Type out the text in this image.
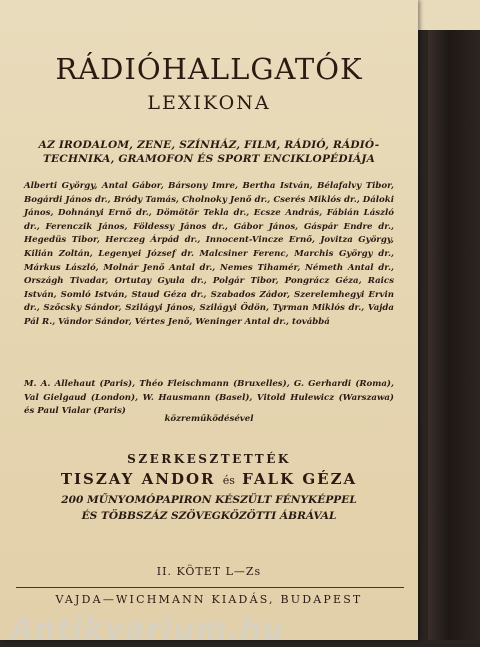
RÁDIÓHALLGATÓK
LEXIKONA
AZ IRODALOM, ZENE, SZÍNHÁZ, FILM, RÁDIÓ, RÁDIÓ-
TECHNIKA, GRAMOFON ÉS SPORT ENCIKLOPÉDIÁJA
Alberti György, Antal Gábor, Bársony Imre, Bertha István, Bélafalvy Tibor, Bogárdi János dr., Bródy Tamás, Cholnoky Jenő dr., Cserés Miklós dr., Dáloki János, Dohnányi Ernő dr., Dömötör Tekla dr., Ecsze András, Fábián László dr., Ferenczik János, Földessy János dr., Gábor János, Gáspár Endre dr., Hegedüs Tibor, Herczeg Árpád dr., Innocent-Vincze Ernő, Jovitza György, Kilián Zoltán, Legenyei József dr. Malcsiner Ferenc, Marchis György dr., Márkus László, Molnár Jenő Antal dr., Nemes Tihamér, Németh Antal dr., Országh Tivadar, Ortutay Gyula dr., Polgár Tibor, Pongrácz Géza, Raics István, Somló István, Staud Géza dr., Szabados Zádor, Szerelemhegyi Ervin dr., Szőcsky Sándor, Szilágyi János, Szilágyi Ödön, Tyrman Miklós dr., Vajda Pál R., Vándor Sándor, Vértes Jenő, Weninger Antal dr., továbbá
M. A. Allehaut (Paris), Théo Fleischmann (Bruxelles), G. Gerhardi (Roma), Val Gielgaud (London), W. Hausmann (Basel), Vitold Hulewicz (Warszawa) és Paul Vialar (Paris)
közreműködésével
SZERKESZTETTÉK
TISZAY ANDOR és FALK GÉZA
200 MŰNYOMÓPAPIRON KÉSZÜLT FÉNYKÉPPEL
ÉS TÖBBSZÁZ SZÖVEGKÖZÖTTI ÁBRÁVAL
II. KÖTET L—Zs
VAJDA—WICHMANN KIADÁS, BUDAPEST
Antikvarium.hu
